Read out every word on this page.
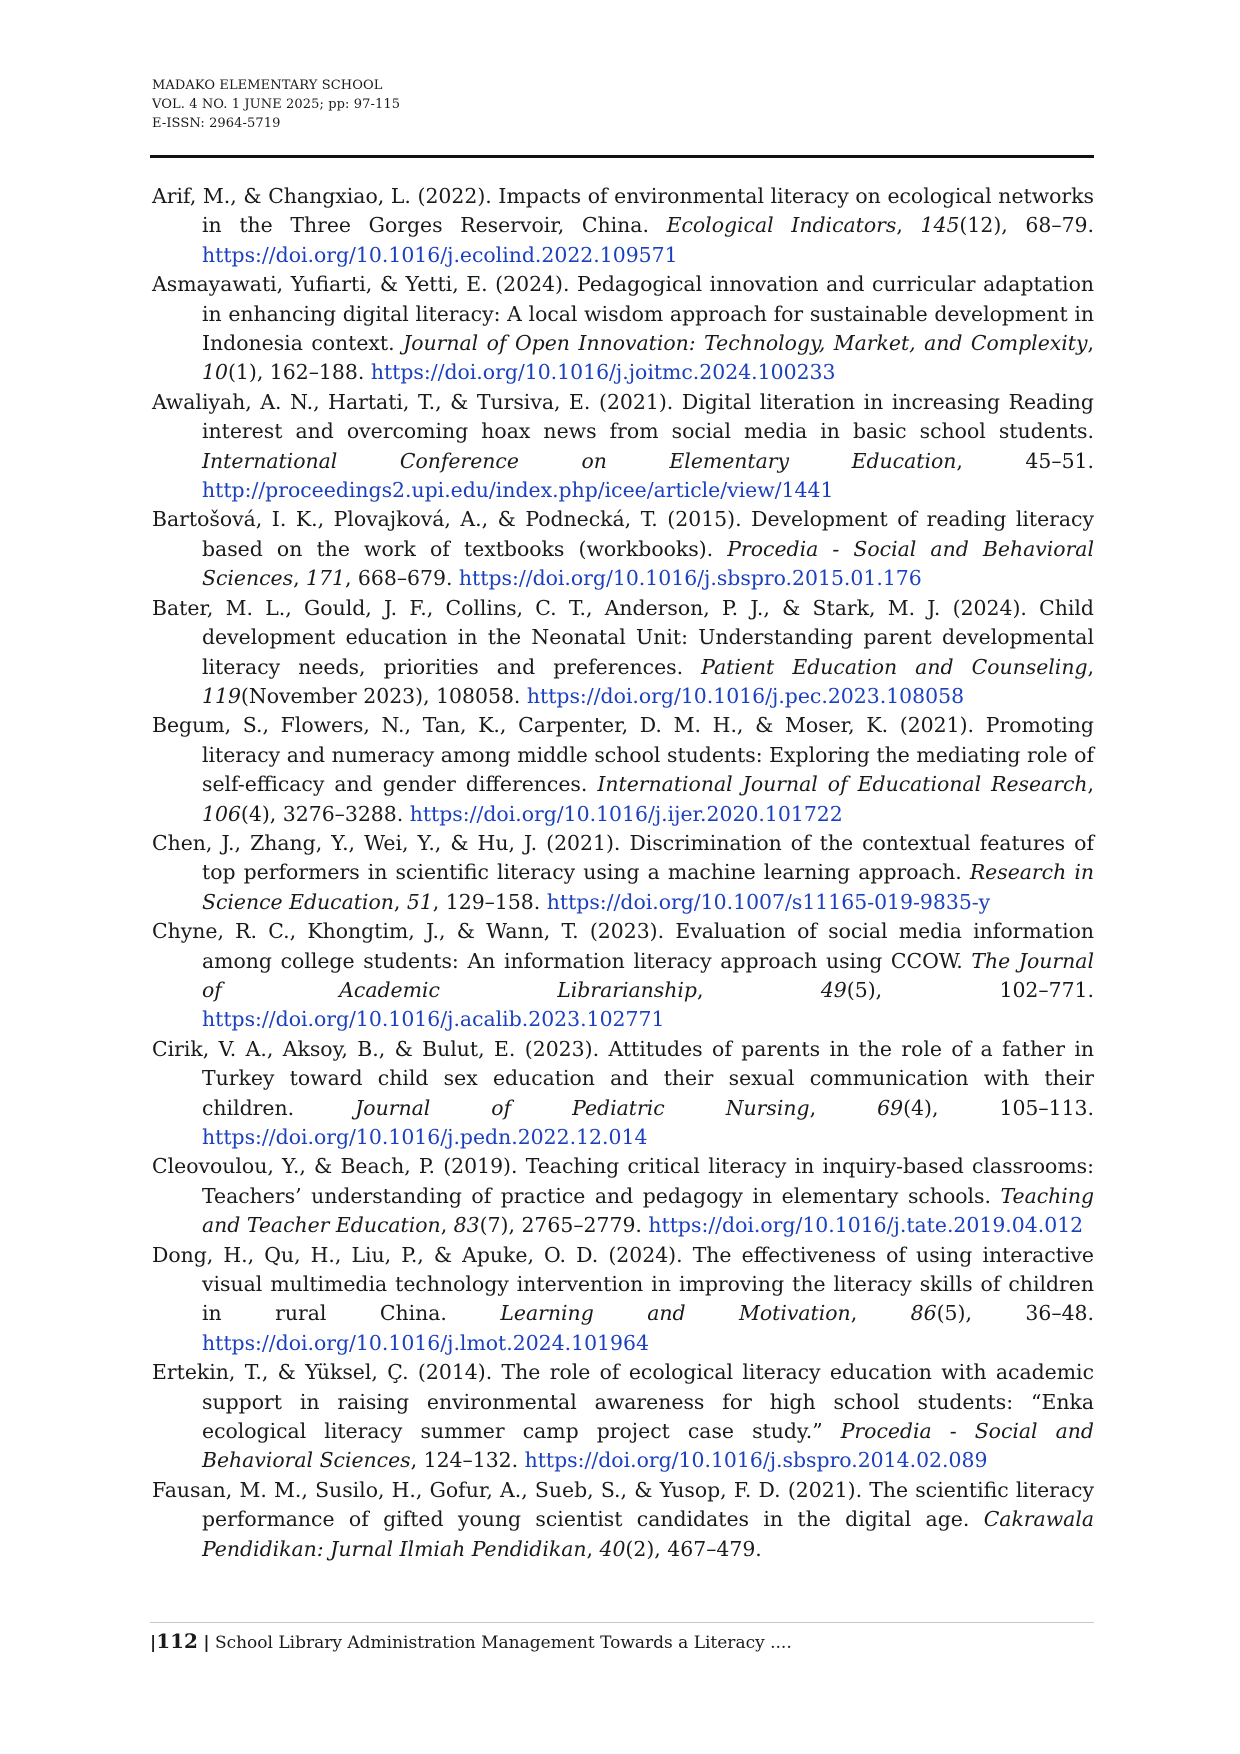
MADAKO ELEMENTARY SCHOOL
VOL. 4 NO. 1 JUNE 2025; pp: 97-115
E-ISSN: 2964-5719

Arif, M., & Changxiao, L. (2022). Impacts of environmental literacy on ecological networks in the Three Gorges Reservoir, China. Ecological Indicators, 145(12), 68–79. https://doi.org/10.1016/j.ecolind.2022.109571

Asmayawati, Yufiarti, & Yetti, E. (2024). Pedagogical innovation and curricular adaptation in enhancing digital literacy: A local wisdom approach for sustainable development in Indonesia context. Journal of Open Innovation: Technology, Market, and Complexity, 10(1), 162–188. https://doi.org/10.1016/j.joitmc.2024.100233

Awaliyah, A. N., Hartati, T., & Tursiva, E. (2021). Digital literation in increasing Reading interest and overcoming hoax news from social media in basic school students. International Conference on Elementary Education, 45–51. http://proceedings2.upi.edu/index.php/icee/article/view/1441

Bartošová, I. K., Plovajková, A., & Podnecká, T. (2015). Development of reading literacy based on the work of textbooks (workbooks). Procedia - Social and Behavioral Sciences, 171, 668–679. https://doi.org/10.1016/j.sbspro.2015.01.176

Bater, M. L., Gould, J. F., Collins, C. T., Anderson, P. J., & Stark, M. J. (2024). Child development education in the Neonatal Unit: Understanding parent developmental literacy needs, priorities and preferences. Patient Education and Counseling, 119(November 2023), 108058. https://doi.org/10.1016/j.pec.2023.108058

Begum, S., Flowers, N., Tan, K., Carpenter, D. M. H., & Moser, K. (2021). Promoting literacy and numeracy among middle school students: Exploring the mediating role of self-efficacy and gender differences. International Journal of Educational Research, 106(4), 3276–3288. https://doi.org/10.1016/j.ijer.2020.101722

Chen, J., Zhang, Y., Wei, Y., & Hu, J. (2021). Discrimination of the contextual features of top performers in scientific literacy using a machine learning approach. Research in Science Education, 51, 129–158. https://doi.org/10.1007/s11165-019-9835-y

Chyne, R. C., Khongtim, J., & Wann, T. (2023). Evaluation of social media information among college students: An information literacy approach using CCOW. The Journal of Academic Librarianship, 49(5), 102–771. https://doi.org/10.1016/j.acalib.2023.102771

Cirik, V. A., Aksoy, B., & Bulut, E. (2023). Attitudes of parents in the role of a father in Turkey toward child sex education and their sexual communication with their children. Journal of Pediatric Nursing, 69(4), 105–113. https://doi.org/10.1016/j.pedn.2022.12.014

Cleovoulou, Y., & Beach, P. (2019). Teaching critical literacy in inquiry-based classrooms: Teachers’ understanding of practice and pedagogy in elementary schools. Teaching and Teacher Education, 83(7), 2765–2779. https://doi.org/10.1016/j.tate.2019.04.012

Dong, H., Qu, H., Liu, P., & Apuke, O. D. (2024). The effectiveness of using interactive visual multimedia technology intervention in improving the literacy skills of children in rural China. Learning and Motivation, 86(5), 36–48. https://doi.org/10.1016/j.lmot.2024.101964

Ertekin, T., & Yüksel, Ç. (2014). The role of ecological literacy education with academic support in raising environmental awareness for high school students: “Enka ecological literacy summer camp project case study.” Procedia - Social and Behavioral Sciences, 124–132. https://doi.org/10.1016/j.sbspro.2014.02.089

Fausan, M. M., Susilo, H., Gofur, A., Sueb, S., & Yusop, F. D. (2021). The scientific literacy performance of gifted young scientist candidates in the digital age. Cakrawala Pendidikan: Jurnal Ilmiah Pendidikan, 40(2), 467–479.

|112 | School Library Administration Management Towards a Literacy ....
